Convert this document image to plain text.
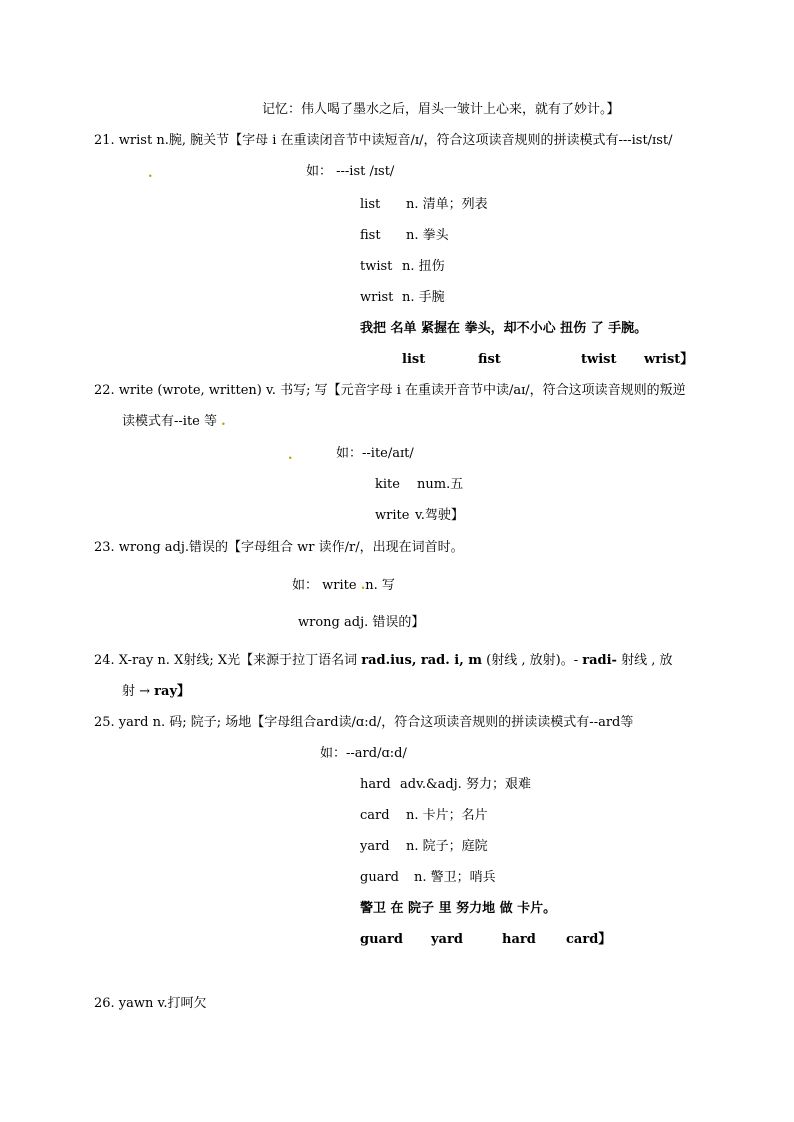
记忆：伟人喝了墨水之后，眉头一皱计上心来，就有了妙计。】
21. wrist n.腕, 腕关节【字母 i 在重读闭音节中读短音/ɪ/，符合这项读音规则的拼读模式有---ist/ɪst/
.	如： ---ist /ɪst/
list n. 清单；列表
fist n. 拳头
twist n. 扭伤
wrist n. 手腕
我把 名单 紧握在 拳头，却不小心 扭伤 了 手腕。
list	fist	twist wrist】
22. write (wrote, written) v. 书写; 写【元音字母 i 在重读开音节中读/aɪ/，符合这项读音规则的叛逆
读模式有--ite 等 .
.	如：--ite/aɪt/
kite num.五
write v.驾驶】
23. wrong adj.错误的【字母组合 wr 读作/r/，出现在词首时。
如： write .n. 写
wrong adj. 错误的】
24. X-ray n. X射线; X光【来源于拉丁语名词 rad.ius, rad. i, m (射线 , 放射)。- radi- 射线 , 放
射 → ray】
25. yard n. 码; 院子; 场地【字母组合ard读/ɑ:d/，符合这项读音规则的拼读读模式有--ard等
如：--ard/ɑ:d/
hard adv.&adj. 努力；艰难
card n. 卡片；名片
yard n. 院子；庭院
guard n. 警卫；哨兵
警卫 在 院子 里 努力地 做 卡片。
guard yard	hard card】
26. yawn v.打呵欠
